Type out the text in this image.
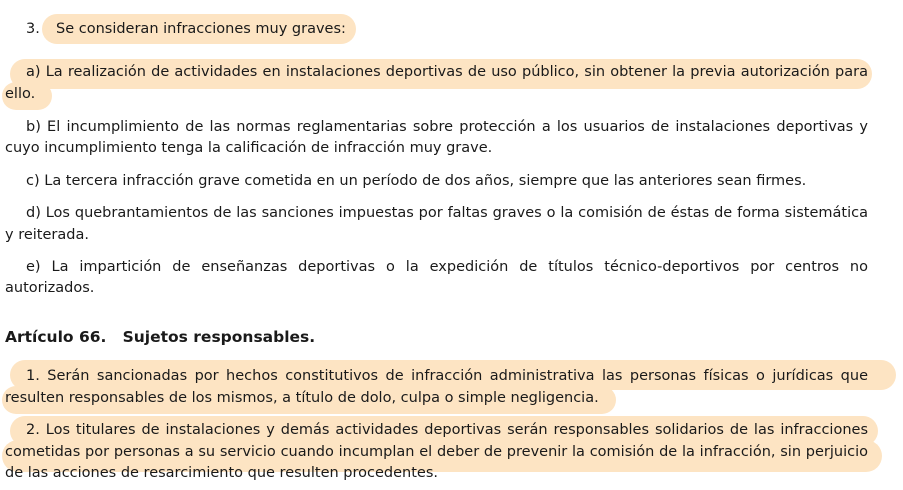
3. Se consideran infracciones muy graves:
a) La realización de actividades en instalaciones deportivas de uso público, sin obtener la previa autorización para
ello.
b) El incumplimiento de las normas reglamentarias sobre protección a los usuarios de instalaciones deportivas y
cuyo incumplimiento tenga la calificación de infracción muy grave.
c) La tercera infracción grave cometida en un período de dos años, siempre que las anteriores sean firmes.
d) Los quebrantamientos de las sanciones impuestas por faltas graves o la comisión de éstas de forma sistemática
y reiterada.
e) La impartición de enseñanzas deportivas o la expedición de títulos técnico-deportivos por centros no
autorizados.
Artículo 66.   Sujetos responsables.
1. Serán sancionadas por hechos constitutivos de infracción administrativa las personas físicas o jurídicas que
resulten responsables de los mismos, a título de dolo, culpa o simple negligencia.
2. Los titulares de instalaciones y demás actividades deportivas serán responsables solidarios de las infracciones
cometidas por personas a su servicio cuando incumplan el deber de prevenir la comisión de la infracción, sin perjuicio
de las acciones de resarcimiento que resulten procedentes.
